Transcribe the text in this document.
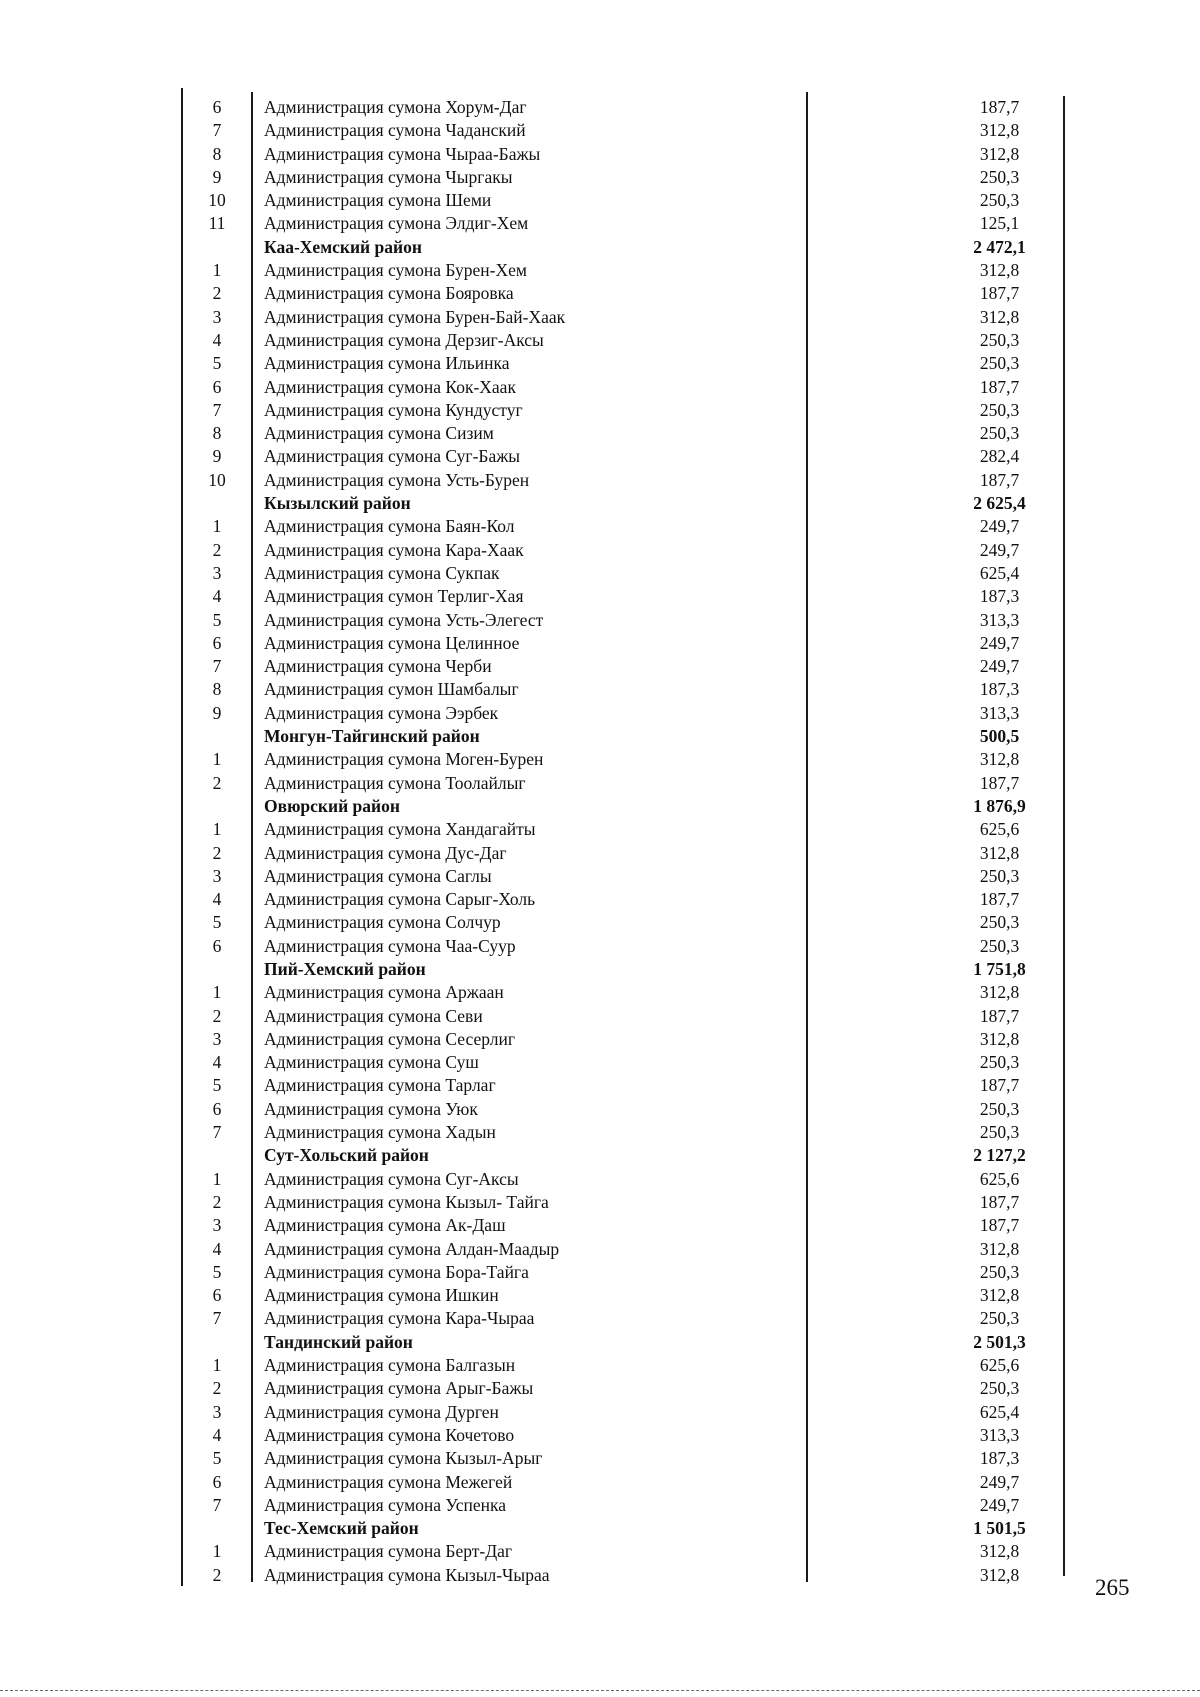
6	Администрация сумона Хорум-Даг	187,7
7	Администрация сумона Чаданский	312,8
8	Администрация сумона Чыраа-Бажы	312,8
9	Администрация сумона Чыргакы	250,3
10	Администрация сумона Шеми	250,3
11	Администрация сумона Элдиг-Хем	125,1
Каа-Хемский район	2 472,1
1	Администрация сумона Бурен-Хем	312,8
2	Администрация сумона Бояровка	187,7
3	Администрация сумона Бурен-Бай-Хаак	312,8
4	Администрация сумона Дерзиг-Аксы	250,3
5	Администрация сумона Ильинка	250,3
6	Администрация сумона Кок-Хаак	187,7
7	Администрация сумона Кундустуг	250,3
8	Администрация сумона Сизим	250,3
9	Администрация сумона Суг-Бажы	282,4
10	Администрация сумона Усть-Бурен	187,7
Кызылский район	2 625,4
1	Администрация сумона Баян-Кол	249,7
2	Администрация сумона Кара-Хаак	249,7
3	Администрация сумона Сукпак	625,4
4	Администрация сумон Терлиг-Хая	187,3
5	Администрация сумона Усть-Элегест	313,3
6	Администрация сумона Целинное	249,7
7	Администрация сумона Черби	249,7
8	Администрация сумон Шамбалыг	187,3
9	Администрация сумона Ээрбек	313,3
Монгун-Тайгинский район	500,5
1	Администрация сумона Моген-Бурен	312,8
2	Администрация сумона Тоолайлыг	187,7
Овюрский район	1 876,9
1	Администрация сумона Хандагайты	625,6
2	Администрация сумона Дус-Даг	312,8
3	Администрация сумона Саглы	250,3
4	Администрация сумона Сарыг-Холь	187,7
5	Администрация сумона Солчур	250,3
6	Администрация сумона Чаа-Суур	250,3
Пий-Хемский район	1 751,8
1	Администрация сумона Аржаан	312,8
2	Администрация сумона Севи	187,7
3	Администрация сумона Сесерлиг	312,8
4	Администрация сумона Суш	250,3
5	Администрация сумона Тарлаг	187,7
6	Администрация сумона Уюк	250,3
7	Администрация сумона Хадын	250,3
Сут-Хольский район	2 127,2
1	Администрация сумона Суг-Аксы	625,6
2	Администрация сумона Кызыл- Тайга	187,7
3	Администрация сумона Ак-Даш	187,7
4	Администрация сумона Алдан-Маадыр	312,8
5	Администрация сумона Бора-Тайга	250,3
6	Администрация сумона Ишкин	312,8
7	Администрация сумона Кара-Чыраа	250,3
Тандинский район	2 501,3
1	Администрация сумона Балгазын	625,6
2	Администрация сумона Арыг-Бажы	250,3
3	Администрация сумона Дурген	625,4
4	Администрация сумона Кочетово	313,3
5	Администрация сумона Кызыл-Арыг	187,3
6	Администрация сумона Межегей	249,7
7	Администрация сумона Успенка	249,7
Тес-Хемский район	1 501,5
1	Администрация сумона Берт-Даг	312,8
2	Администрация сумона Кызыл-Чыраа	312,8
265
